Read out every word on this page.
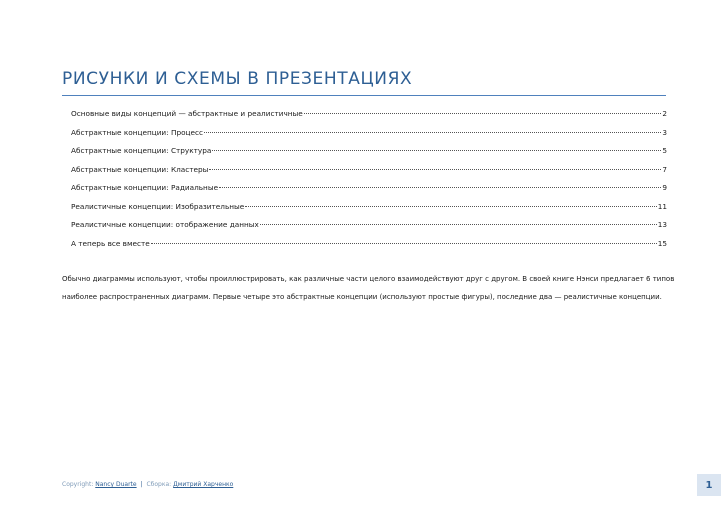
РИСУНКИ И СХЕМЫ В ПРЕЗЕНТАЦИЯХ
Основные виды концепций — абстрактные и реалистичные	2
Абстрактные концепции: Процесс	3
Абстрактные концепции: Структура	5
Абстрактные концепции: Кластеры	7
Абстрактные концепции: Радиальные	9
Реалистичные концепции: Изобразительные	11
Реалистичные концепции: отображение данных	13
А теперь все вместе	15

Обычно диаграммы используют, чтобы проиллюстрировать, как различные части целого взаимодействуют друг с другом. В своей книге Нэнси предлагает 6 типов

наиболее распространенных диаграмм. Первые четыре это абстрактные концепции (используют простые фигуры), последние два — реалистичные концепции.

Copyright: Nancy Duarte | Сборка: Дмитрий Харченко	1
